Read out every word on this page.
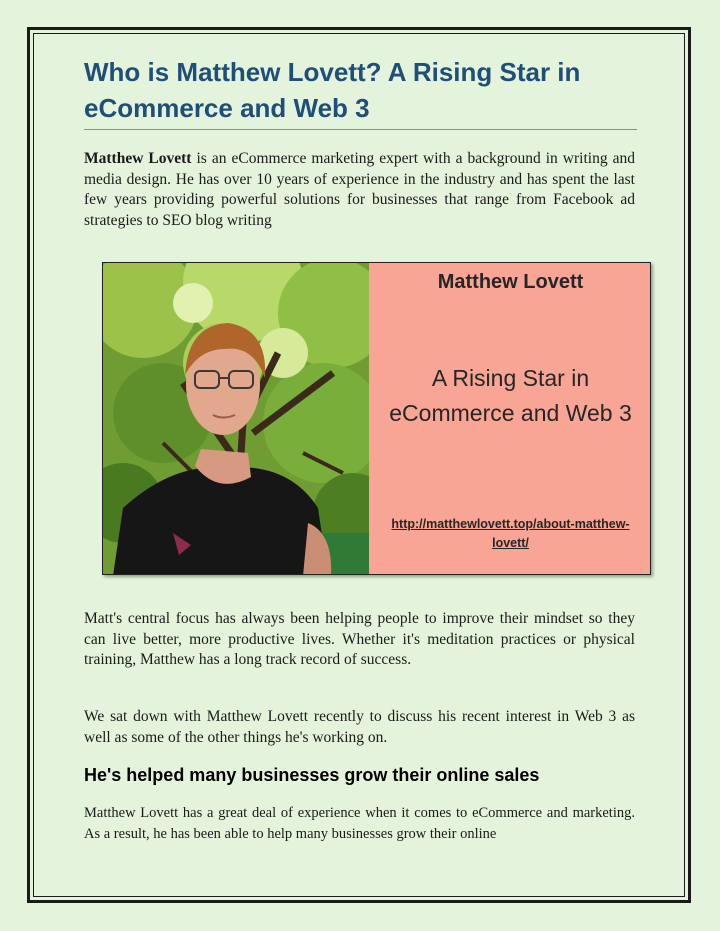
Who is Matthew Lovett? A Rising Star in eCommerce and Web 3

Matthew Lovett is an eCommerce marketing expert with a background in writing and media design. He has over 10 years of experience in the industry and has spent the last few years providing powerful solutions for businesses that range from Facebook ad strategies to SEO blog writing

Matthew Lovett
A Rising Star in eCommerce and Web 3
http://matthewlovett.top/about-matthew-lovett/

Matt's central focus has always been helping people to improve their mindset so they can live better, more productive lives. Whether it's meditation practices or physical training, Matthew has a long track record of success.

We sat down with Matthew Lovett recently to discuss his recent interest in Web 3 as well as some of the other things he's working on.

He's helped many businesses grow their online sales

Matthew Lovett has a great deal of experience when it comes to eCommerce and marketing. As a result, he has been able to help many businesses grow their online
